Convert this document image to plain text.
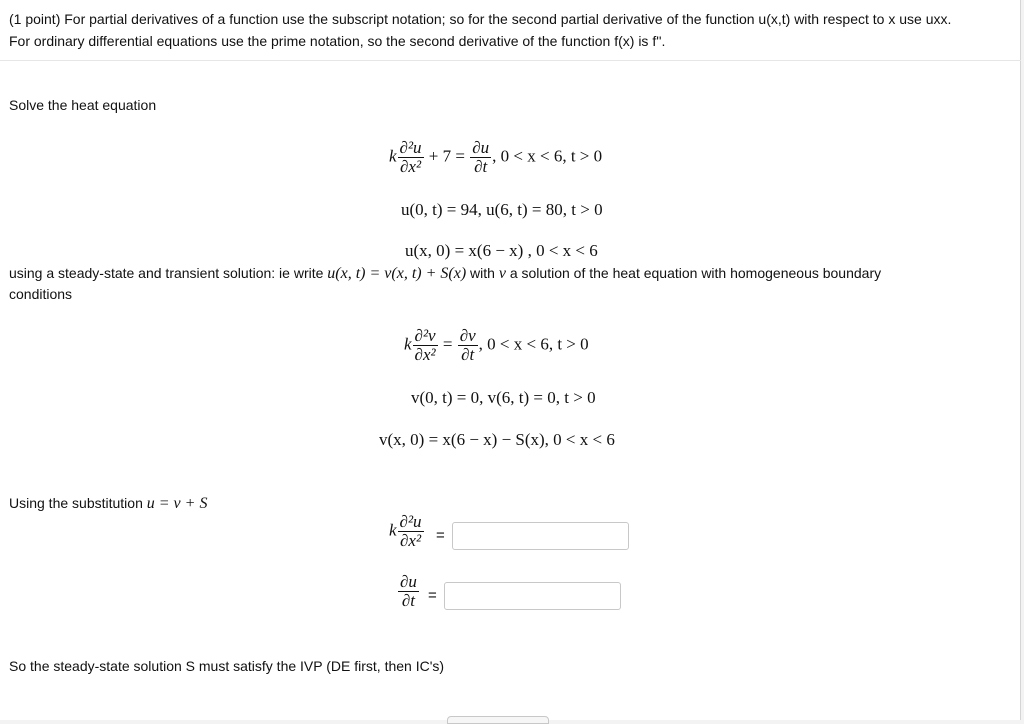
(1 point) For partial derivatives of a function use the subscript notation; so for the second partial derivative of the function u(x,t) with respect to x use uxx.
For ordinary differential equations use the prime notation, so the second derivative of the function f(x) is f''.
Solve the heat equation
k $\frac{\text{∂²u}}{\text{∂x²}} + 7 = \frac{\partial u}{\partial t}$ , 0 < x < 6, t > 0
u(0, t) = 94, u(6, t) = 80, t > 0
u(x, 0) = x(6 − x) , 0 < x < 6
using a steady-state and transient solution: ie write u(x, t) = v(x, t) + S(x) with v a solution of the heat equation with homogeneous boundary
conditions
k $\frac{\text{∂²v}}{\text{∂x²}} = \frac{\partial v}{\partial t}$ , 0 < x < 6, t > 0
v(0, t) = 0, v(6, t) = 0, t > 0
v(x, 0) = x(6 − x) − S(x), 0 < x < 6
Using the substitution u = v + S
k $\frac{\text{∂²u}}{\text{∂x²}}$ =
$\frac{\partial u}{\partial t}$ =
So the steady-state solution S must satisfy the IVP (DE first, then IC's)
